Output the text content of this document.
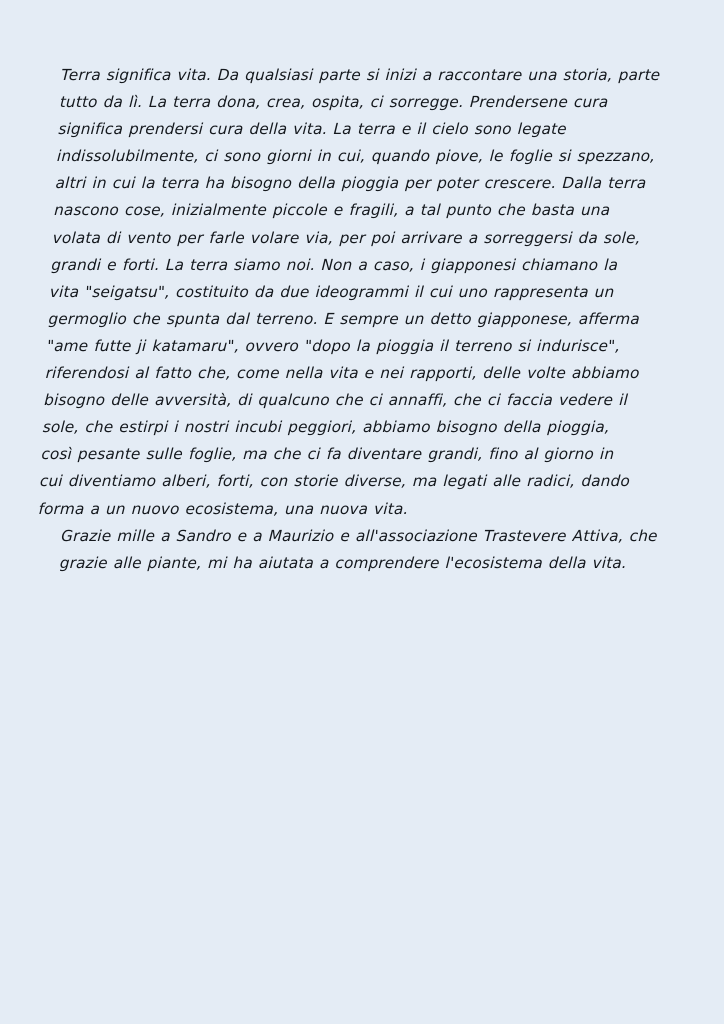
Terra significa vita. Da qualsiasi parte si inizi a raccontare una storia, parte tutto da lì. La terra dona, crea, ospita, ci sorregge. Prendersene cura significa prendersi cura della vita. La terra e il cielo sono legate indissolubilmente, ci sono giorni in cui, quando piove, le foglie si spezzano, altri in cui la terra ha bisogno della pioggia per poter crescere. Dalla terra nascono cose, inizialmente piccole e fragili, a tal punto che basta una volata di vento per farle volare via, per poi arrivare a sorreggersi da sole, grandi e forti. La terra siamo noi. Non a caso, i giapponesi chiamano la vita "seigatsu", costituito da due ideogrammi il cui uno rappresenta un germoglio che spunta dal terreno. E sempre un detto giapponese, afferma "ame futte ji katamaru", ovvero "dopo la pioggia il terreno si indurisce", riferendosi al fatto che, come nella vita e nei rapporti, delle volte abbiamo bisogno delle avversità, di qualcuno che ci annaffi, che ci faccia vedere il sole, che estirpi i nostri incubi peggiori, abbiamo bisogno della pioggia, così pesante sulle foglie, ma che ci fa diventare grandi, fino al giorno in cui diventiamo alberi, forti, con storie diverse, ma legati alle radici, dando forma a un nuovo ecosistema, una nuova vita.

Grazie mille a Sandro e a Maurizio e all'associazione Trastevere Attiva, che grazie alle piante, mi ha aiutata a comprendere l'ecosistema della vita.
